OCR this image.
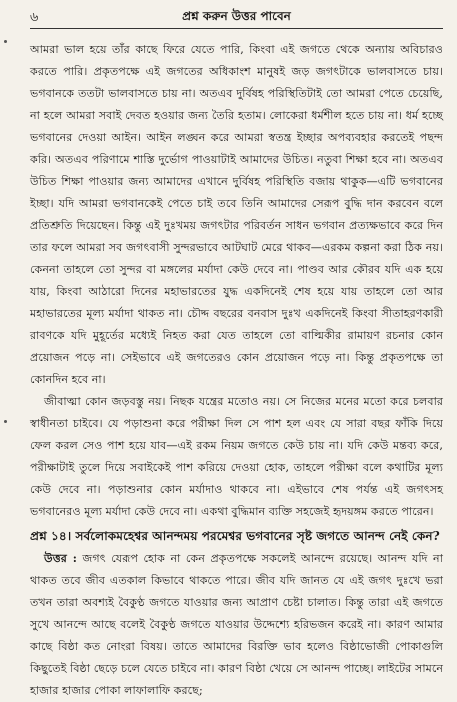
৬	প্রশ্ন করুন উত্তর পাবেন

আমরা ভাল হয়ে তাঁর কাছে ফিরে যেতে পারি, কিংবা এই জগতে থেকে অন্যায় অবিচারও করতে পারি। প্রকৃতপক্ষে এই জগতের অধিকাংশ মানুষই জড় জগৎটাকে ভালবাসতে চায়। ভগবানকে ততটা ভালবাসতে চায় না। অতএব দুর্বিষহ পরিস্থিতিটাই তো আমরা পেতে চেয়েছি, না হলে আমরা সবাই দেবত হওয়ার জন্য তৈরি হতাম। লোকেরা ধর্মশীল হতে চায় না। ধর্ম হচ্ছে ভগবানের দেওয়া আইন। আইন লঙ্ঘন করে আমরা স্বতন্ত্র ইচ্ছার অপব্যবহার করতেই পছন্দ করি। অতএব পরিণামে শাস্তি দুর্ভোগ পাওয়াটাই আমাদের উচিত। নতুবা শিক্ষা হবে না। অতএব উচিত শিক্ষা পাওয়ার জন্য আমাদের এখানে দুর্বিষহ পরিস্থিতি বজায় থাকুক—এটি ভগবানের ইচ্ছা। যদি আমরা ভগবানকেই পেতে চাই তবে তিনি আমাদের সেরূপ বুদ্ধি দান করবেন বলে প্রতিশ্রুতি দিয়েছেন। কিন্তু এই দুঃখময় জগৎটার পরিবর্তন সাধন ভগবান প্রত্যক্ষভাবে করে দিন তার ফলে আমরা সব জগৎবাসী সুন্দরভাবে আটঘাট মেরে থাকব—এরকম কল্পনা করা ঠিক নয়। কেননা তাহলে তো সুন্দর বা মঙ্গলের মর্যাদা কেউ দেবে না। পাণ্ডব আর কৌরব যদি এক হয়ে যায়, কিংবা আঠারো দিনের মহাভারতের যুদ্ধ একদিনেই শেষ হয়ে যায় তাহলে তো আর মহাভারতের মূল্য মর্যাদা থাকত না। চৌদ্দ বছরের বনবাস দুঃখ একদিনেই কিংবা সীতাহরণকারী রাবণকে যদি মুহূর্তের মধ্যেই নিহত করা যেত তাহলে তো বাল্মিকীর রামায়ণ রচনার কোন প্রয়োজন পড়ে না। সেইভাবে এই জগতেরও কোন প্রয়োজন পড়ে না। কিন্তু প্রকৃতপক্ষে তা কোনদিন হবে না।

জীবাত্মা কোন জড়বস্তু নয়। নিছক যন্ত্রের মতোও নয়। সে নিজের মনের মতো করে চলবার স্বাধীনতা চাইবে। যে পড়াশুনা করে পরীক্ষা দিল সে পাশ হল এবং যে সারা বছর ফাঁকি দিয়ে ফেল করল সেও পাশ হয়ে যাব—এই রকম নিয়ম জগতে কেউ চায় না। যদি কেউ মন্তব্য করে, পরীক্ষাটাই তুলে দিয়ে সবাইকেই পাশ করিয়ে দেওয়া হোক, তাহলে পরীক্ষা বলে কথাটির মূল্য কেউ দেবে না। পড়াশুনার কোন মর্যাদাও থাকবে না। এইভাবে শেষ পর্যন্ত এই জগৎসহ ভগবানেরও মূল্য মর্যাদা কেউ দেবে না। একথা বুদ্ধিমান ব্যক্তি সহজেই হৃদয়ঙ্গম করতে পারেন।

প্রশ্ন ১৪। সর্বলোকমহেশ্বর আনন্দময় পরমেশ্বর ভগবানের সৃষ্ট জগতে আনন্দ নেই কেন?

উত্তর : জগৎ যেরূপ হোক না কেন প্রকৃতপক্ষে সকলেই আনন্দে রয়েছে। আনন্দ যদি না থাকত তবে জীব এতকাল কিভাবে থাকতে পারে। জীব যদি জানত যে এই জগৎ দুঃখে ভরা তখন তারা অবশ্যই বৈকুণ্ঠ জগতে যাওয়ার জন্য আপ্রাণ চেষ্টা চালাত। কিন্তু তারা এই জগতে সুখে আনন্দে আছে বলেই বৈকুণ্ঠ জগতে যাওয়ার উদ্দেশ্যে হরিভজন করেই না। কারণ আমার কাছে বিষ্ঠা কত নোংরা বিষয়। তাতে আমাদের বিরক্তি ভাব হলেও বিষ্ঠাভোজী পোকাগুলি কিছুতেই বিষ্ঠা ছেড়ে চলে যেতে চাইবে না। কারণ বিষ্ঠা খেয়ে সে আনন্দ পাচ্ছে। লাইটের সামনে হাজার হাজার পোকা লাফালাফি করছে;
